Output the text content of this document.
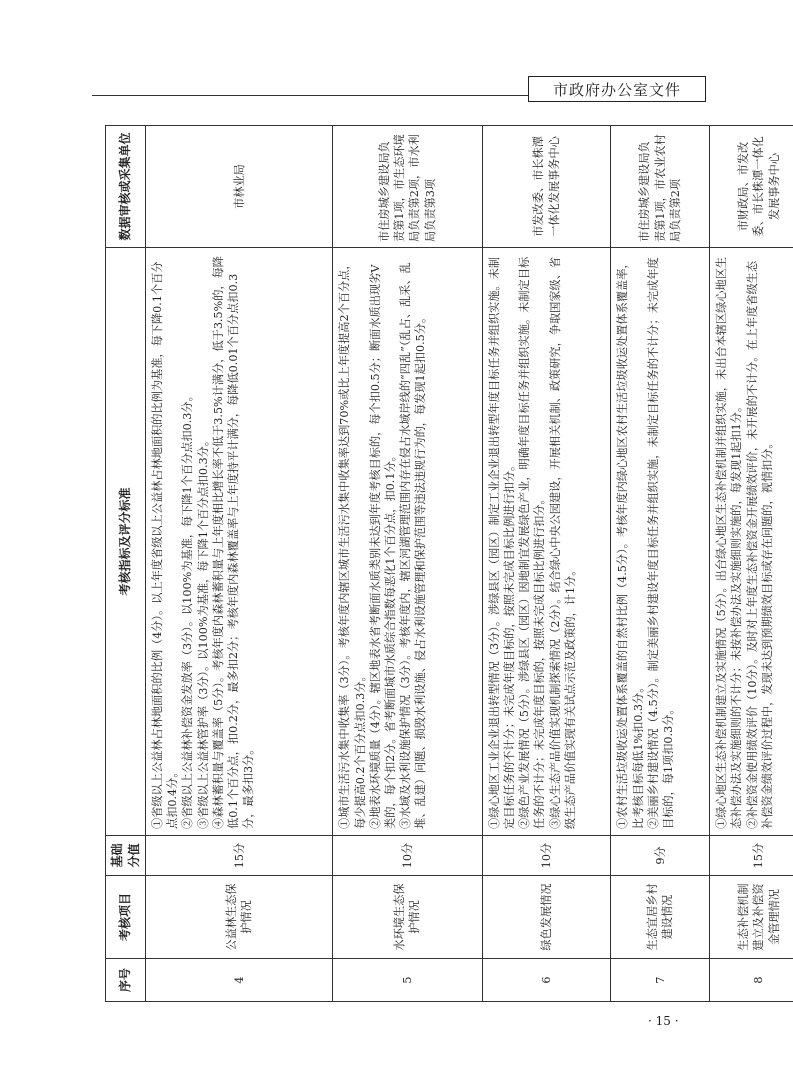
市政府办公室文件
序号	考核项目	基础分值	考核指标及评分标准	数据审核或采集单位
4	公益林生态保护情况	15分	①省级以上公益林占林地面积的比例（4分）。以上年度省级以上公益林占林地面积的比例为基准，每下降0.1个百分点扣0.4分。 ②省级以上公益林补偿资金发放率（3分）。以100%为基准，每下降1个百分点扣0.3分。 ③省级以上公益林管护率（3分）。以100%为基准，每下降1个百分点扣0.3分。 ④森林蓄积量与覆盖率（5分）。考核年度内森林蓄积量与上年度相比增长率不低于3.5%计满分，低于3.5%的，每降低0.1个百分点，扣0.2分，最多扣2分；考核年度内森林覆盖率与上年度持平计满分，每降低0.01个百分点扣0.3分，最多扣3分。	市林业局
5	水环境生态保护情况	10分	①城市生活污水集中收集率（3分）。考核年度内辖区城市生活污水集中收集率达到70%或比上年度提高2个百分点，每少提高0.2个百分点扣0.3分。 ②地表水环境质量（4分）。辖区地表水省考断面水质类别未达到年度考核目标的，每个扣0.5分；断面水质出现劣V类的，每个扣2分。省考断面城市水质综合指数每恶化1个百分点，扣0.1分。 ③水域及水利设施保护情况（3分）。考核年度内，辖区河湖管理范围内存在侵占水域岸线的“四乱”（乱占、乱采、乱堆、乱建）问题、损毁水利设施、侵占水利设施管理和保护范围等违法违规行为的，每发现1起扣0.5分。	市住房城乡建设局负责第1项，市生态环境局负责第2项，市水利局负责第3项
6	绿色发展情况	10分	①绿心地区工业企业退出转型情况（3分）。涉绿县区（园区）制定工业企业退出转型年度目标任务并组织实施。未制定目标任务的不计分；未完成年度目标的，按照未完成目标比例进行扣分。 ②绿色产业发展情况（5分）。涉绿县区（园区）因地制宜发展绿色产业，明确年度目标任务并组织实施。未制定目标任务的不计分；未完成年度目标的，按照未完成目标比例进行扣分。 ③绿心生态产品价值实现机制探索情况（2分）。结合绿心中央公园建设，开展相关机制、政策研究，争取国家级、省级生态产品价值实现有关试点示范及政策的，计1分。	市发改委、市长株潭一体化发展事务中心
7	生态宜居乡村建设情况	9分	①农村生活垃圾收运处置体系覆盖的自然村比例（4.5分）。考核年度内绿心地区农村生活垃圾收运处置体系覆盖率，比考核目标每低1%扣0.3分。 ②美丽乡村建设情况（4.5分）。制定美丽乡村建设年度目标任务并组织实施，未制定目标任务的不计分；未完成年度目标的，每1项扣0.3分。	市住房城乡建设局负责第1项，市农业农村局负责第2项
8	生态补偿机制建立及补偿资金管理情况	15分	①绿心地区生态补偿机制建立及实施情况（5分）。出台绿心地区生态补偿机制并组织实施，未出台本辖区绿心地区生态补偿办法及实施细则的不计分；未按补偿办法及实施细则实施的，每发现1起扣1分。 ②补偿资金使用绩效评价（10分）。及时对上年度生态补偿资金开展绩效评价，未开展的不计分。在上年度省级生态补偿资金绩效评价过程中，发现未达到预期绩效目标或存在问题的，视情扣分。	市财政局、市发改委、市长株潭一体化发展事务中心
· 15 ·
